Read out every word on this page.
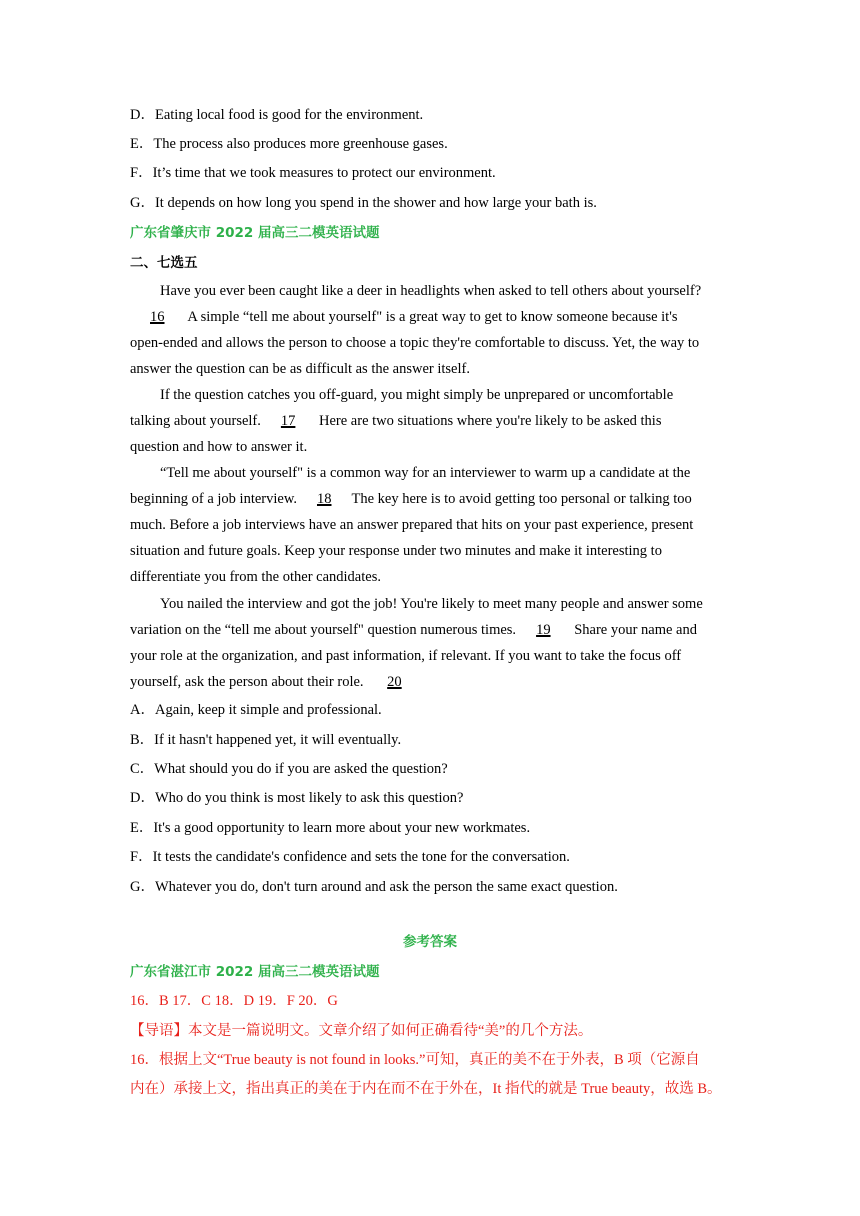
D．Eating local food is good for the environment.
E．The process also produces more greenhouse gases.
F．It’s time that we took measures to protect our environment.
G．It depends on how long you spend in the shower and how large your bath is.
广东省肇庆市 2022 届高三二模英语试题
二、七选五
Have you ever been caught like a deer in headlights when asked to tell others about yourself?
16 A simple “tell me about yourself" is a great way to get to know someone because it's
open-ended and allows the person to choose a topic they're comfortable to discuss. Yet, the way to
answer the question can be as difficult as the answer itself.
If the question catches you off-guard, you might simply be unprepared or uncomfortable
talking about yourself. 17 Here are two situations where you're likely to be asked this
question and how to answer it.
“Tell me about yourself" is a common way for an interviewer to warm up a candidate at the
beginning of a job interview. 18 The key here is to avoid getting too personal or talking too
much. Before a job interviews have an answer prepared that hits on your past experience, present
situation and future goals. Keep your response under two minutes and make it interesting to
differentiate you from the other candidates.
You nailed the interview and got the job! You're likely to meet many people and answer some
variation on the “tell me about yourself" question numerous times. 19 Share your name and
your role at the organization, and past information, if relevant. If you want to take the focus off
yourself, ask the person about their role. 20
A．Again, keep it simple and professional.
B．If it hasn't happened yet, it will eventually.
C．What should you do if you are asked the question?
D．Who do you think is most likely to ask this question?
E．It's a good opportunity to learn more about your new workmates.
F．It tests the candidate's confidence and sets the tone for the conversation.
G．Whatever you do, don't turn around and ask the person the same exact question.
参考答案
广东省湛江市 2022 届高三二模英语试题
16．B 17．C 18．D 19．F 20．G
【导语】本文是一篇说明文。文章介绍了如何正确看待“美”的几个方法。
16．根据上文“True beauty is not found in looks.”可知，真正的美不在于外表，B 项（它源自
内在）承接上文，指出真正的美在于内在而不在于外在，It 指代的就是 True beauty，故选 B。
